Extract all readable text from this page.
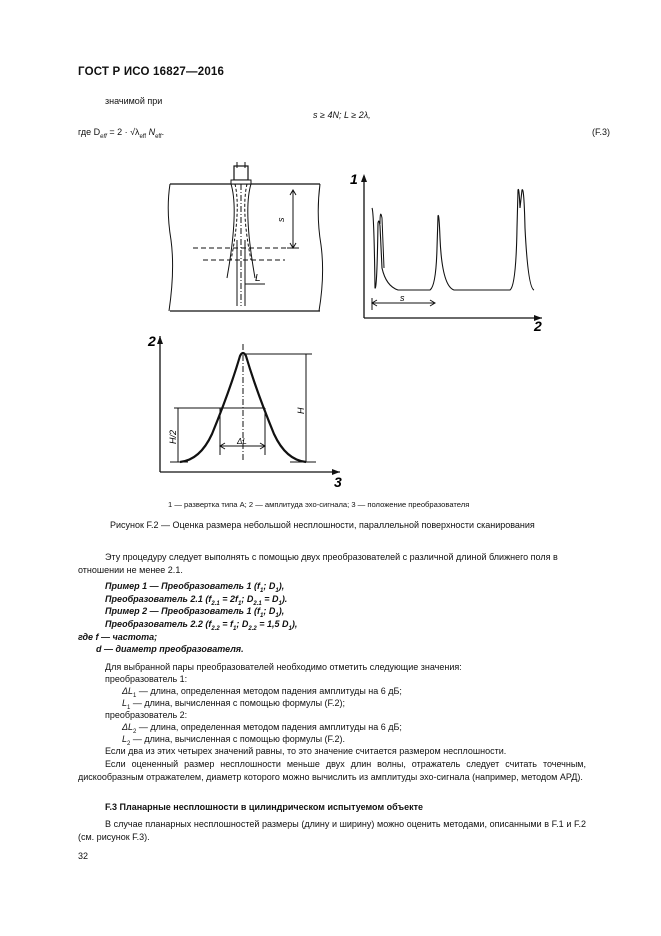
ГОСТ Р ИСО 16827—2016
значимой при
s ≥ 4N; L ≥ 2λ,
где $D_{eff} = 2 \cdot √\lambda_{eff}$ $N_{eff}$.	(F.3)
s
L
1
2
s
2
3
ΔL
H
H/2
1 — развертка типа А; 2 — амплитуда эхо-сигнала; 3 — положение преобразователя
Рисунок F.2 — Оценка размера небольшой несплошности, параллельной поверхности сканирования
Эту процедуру следует выполнять с помощью двух преобразователей с различной длиной ближнего поля в
отношении не менее 2.1.
Пример 1 — Преобразователь 1 ($f_1$; $D_1$),
Преобразователь 2.1 ($f_{2.1} = 2f_1$; $D_{2.1} = D_1$).
Пример 2 — Преобразователь 1 ($f_1$; $D_1$),
Преобразователь 2.2 ($f_{2.2} = f_1$; $D_{2.2} = 1,5$ $D_1$),
где f — частота;
d — диаметр преобразователя.
Для выбранной пары преобразователей необходимо отметить следующие значения:
преобразователь 1:
$\Delta L_1$ — длина, определенная методом падения амплитуды на 6 дБ;
$L_1$ — длина, вычисленная с помощью формулы (F.2);
преобразователь 2:
$\Delta L_2$ — длина, определенная методом падения амплитуды на 6 дБ;
$L_2$ — длина, вычисленная с помощью формулы (F.2).
Если два из этих четырех значений равны, то это значение считается размером несплошности.
Если оцененный размер несплошности меньше двух длин волны, отражатель следует считать точечным, дискообразным отражателем, диаметр которого можно вычислить из амплитуды эхо-сигнала (например, методом АРД).
F.3 Планарные несплошности в цилиндрическом испытуемом объекте
В случае планарных несплошностей размеры (длину и ширину) можно оценить методами, описанными в F.1 и F.2 (см. рисунок F.3).
32
